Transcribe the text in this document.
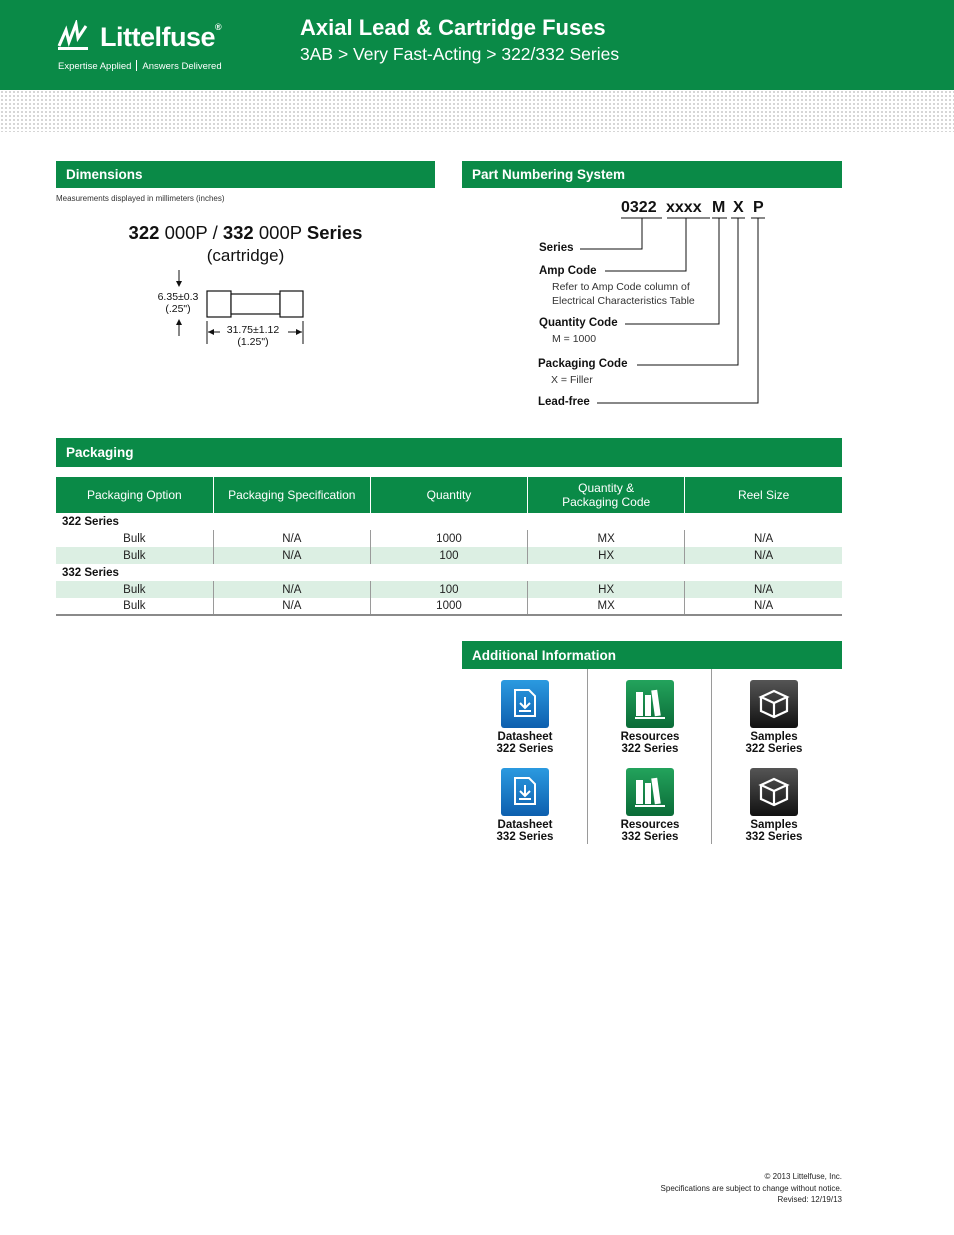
Littelfuse®
Expertise Applied Answers Delivered
Axial Lead & Cartridge Fuses
3AB > Very Fast-Acting > 322/332 Series
Dimensions
Measurements displayed in millimeters (inches)
322 000P / 332 000P Series
(cartridge)
6.35±0.3
(.25")
31.75±1.12
(1.25")
Part Numbering System
0322 xxxx M X P
Series
Amp Code
Refer to Amp Code column of
Electrical Characteristics Table
Quantity Code
M = 1000
Packaging Code
X = Filler
Lead-free
Packaging
Packaging Option	Packaging Specification	Quantity	Quantity & Packaging Code	Reel Size
322 Series				
Bulk	N/A	1000	MX	N/A
Bulk	N/A	100	HX	N/A
332 Series				
Bulk	N/A	100	HX	N/A
Bulk	N/A	1000	MX	N/A
Additional Information
Datasheet
322 Series
Resources
322 Series
Samples
322 Series
Datasheet
332 Series
Resources
332 Series
Samples
332 Series
© 2013 Littelfuse, Inc.
Specifications are subject to change without notice.
Revised: 12/19/13
